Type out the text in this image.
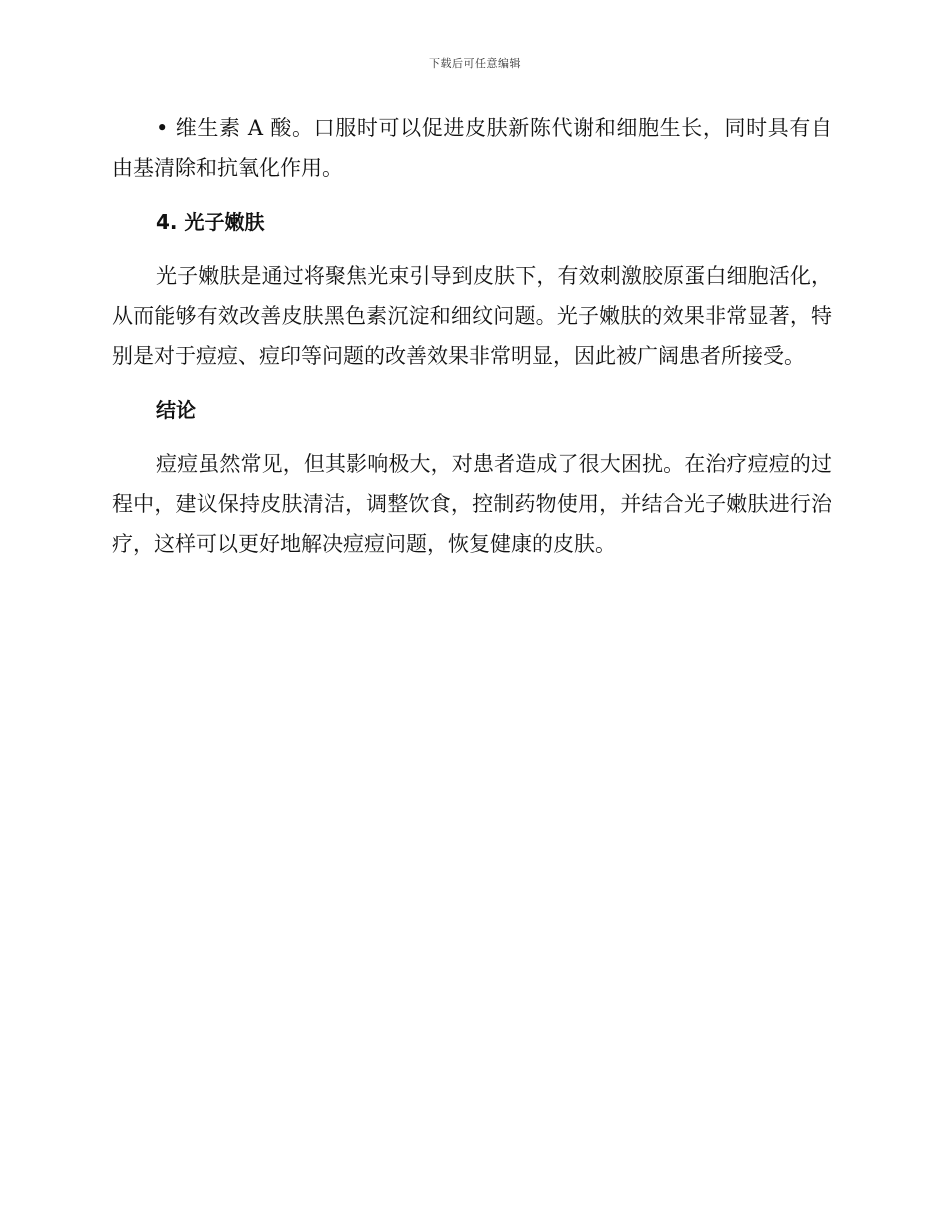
下载后可任意编辑

• 维生素 A 酸。口服时可以促进皮肤新陈代谢和细胞生长，同时具有自由基清除和抗氧化作用。

4. 光子嫩肤

光子嫩肤是通过将聚焦光束引导到皮肤下，有效刺激胶原蛋白细胞活化，从而能够有效改善皮肤黑色素沉淀和细纹问题。光子嫩肤的效果非常显著，特别是对于痘痘、痘印等问题的改善效果非常明显，因此被广阔患者所接受。

结论

痘痘虽然常见，但其影响极大，对患者造成了很大困扰。在治疗痘痘的过程中，建议保持皮肤清洁，调整饮食，控制药物使用，并结合光子嫩肤进行治疗，这样可以更好地解决痘痘问题，恢复健康的皮肤。
